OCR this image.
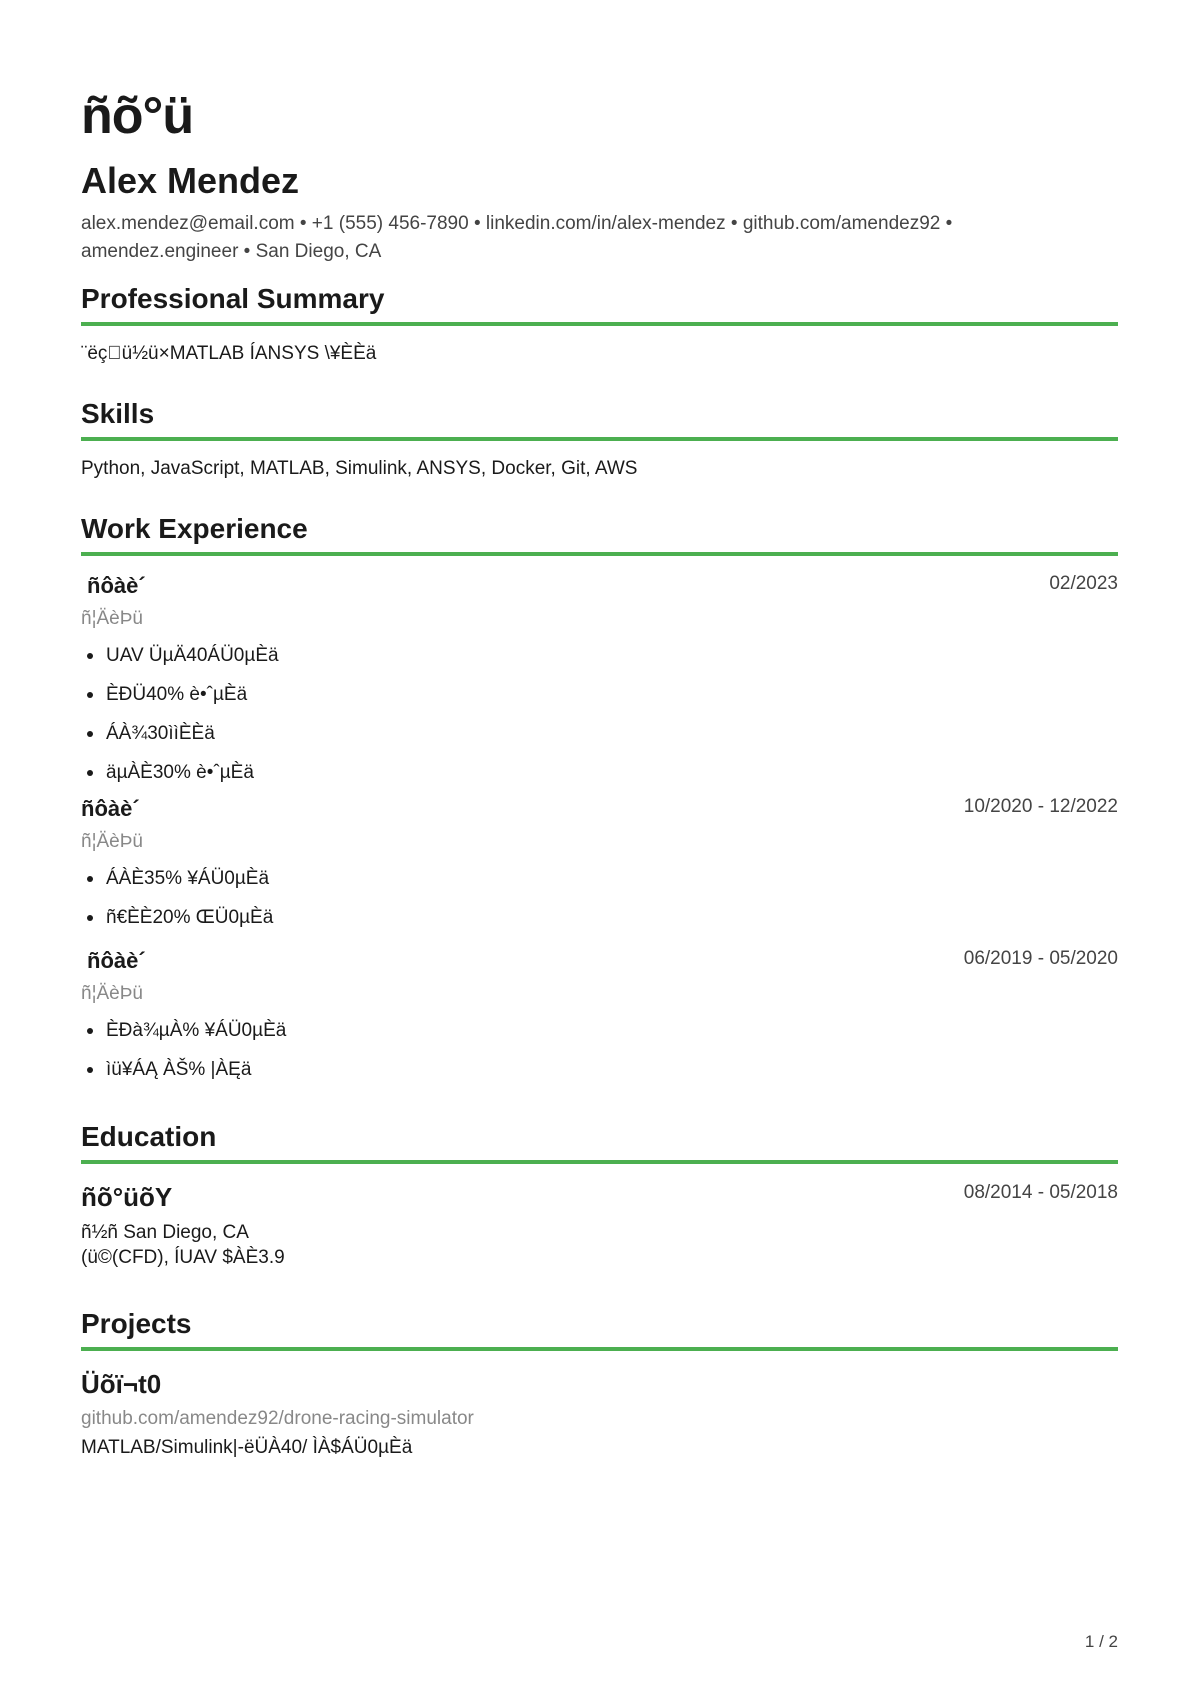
ñõ°ü
Alex Mendez
alex.mendez@email.com • +1 (555) 456-7890 • linkedin.com/in/alex-mendez • github.com/amendez92 • amendez.engineer • San Diego, CA
Professional Summary
¨ëç ü½ü×MATLAB ÍANSYS \¥ÈÈä
Skills
Python, JavaScript, MATLAB, Simulink, ANSYS, Docker, Git, AWS
Work Experience
ñôàè´	02/2023
ñ¦ÄèÞü
UAV ÜµÄ40ÁÜ0µÈä
ÈÐÜ40% è•ˆµÈä
ÁÀ¾30ììÈÈä
äµÀÈ30% è•ˆµÈä
ñôàè´	10/2020 - 12/2022
ñ¦ÄèÞü
ÁÀÈ35% ¥ÁÜ0µÈä
ñ€ÈÈ20% ŒÜ0µÈä
ñôàè´	06/2019 - 05/2020
ñ¦ÄèÞü
ÈÐà¾µÀ% ¥ÁÜ0µÈä
ìü¥ÁĄ ÀŠ% |ÀĘä
Education
ñõ°üõY	08/2014 - 05/2018
ñ½ñ San Diego, CA
(ü©(CFD), ÍUAV $ÀÈ3.9
Projects
Üõï¬t0
github.com/amendez92/drone-racing-simulator
MATLAB/Simulink|-ëÜÀ40/ ÌÀ$ÁÜ0µÈä
1 / 2
